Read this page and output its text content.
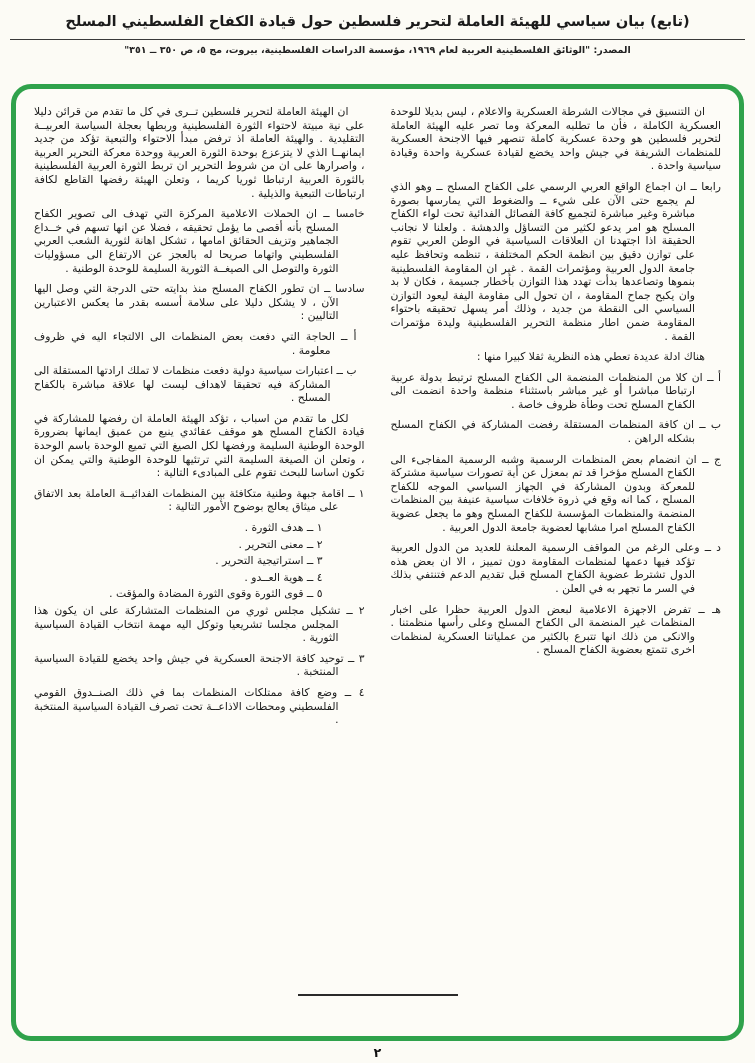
(تابع) بيان سياسي للهيئة العاملة لتحرير فلسطين حول قيادة الكفاح الفلسطيني المسلح
المصدر: "الوثائق الفلسطينية العربية لعام ١٩٦٩، مؤسسة الدراسات الفلسطينية، بيروت، مج ٥، ص ٣٥٠ ــ ٣٥١"

ان التنسيق في مجالات الشرطة العسكرية والاعلام ، ليس بديلا للوحدة العسكرية الكاملة ، فأن ما تطلبه المعركة وما تصر عليه الهيئة العاملة لتحرير فلسطين هو وحدة عسكرية كاملة تنصهر فيها الاجنحة العسكرية للمنظمات الشريفة في جيش واحد يخضع لقيادة عسكرية واحدة وقيادة سياسية واحدة .

رابعا ــ ان اجماع الواقع العربي الرسمي على الكفاح المسلح ــ وهو الذي لم يجمع حتى الآن على شيء ــ والضغوط التي يمارسها بصورة مباشرة وغير مباشرة لتجميع كافة الفصائل الفدائية تحت لواء الكفاح المسلح هو امر يدعو لكثير من التساؤل والدهشة . ولعلنا لا نجانب الحقيقة اذا اجتهدنا ان العلاقات السياسية في الوطن العربي تقوم على توازن دقيق بين انظمة الحكم المختلفة ، تنظمه وتحافظ عليه جامعة الدول العربية ومؤتمرات القمة . غير ان المقاومة الفلسطينية بنموها وتصاعدها بدأت تهدد هذا التوازن بأخطار جسيمة ، فكان لا بد وان يكبح جماح المقاومة ، ان تحول الى مقاومة اليفة ليعود التوازن السياسي الى النقطة من جديد ، وذلك أمر يسهل تحقيقه باحتواء المقاومة ضمن اطار منظمة التحرير الفلسطينية وليدة مؤتمرات القمة .

هناك ادلة عديدة تعطي هذه النظرية ثقلا كبيرا منها :

أ ــ ان كلا من المنظمات المنضمة الى الكفاح المسلح ترتبط بدولة عربية ارتباطا مباشرا أو غير مباشر باستثناء منظمة واحدة انضمت الى الكفاح المسلح تحت وطأة ظروف خاصة .

ب ــ ان كافة المنظمات المستقلة رفضت المشاركة في الكفاح المسلح بشكله الراهن .

ج ــ ان انضمام بعض المنظمات الرسمية وشبه الرسمية المفاجىء الى الكفاح المسلح مؤخرا قد تم بمعزل عن أية تصورات سياسية مشتركة للمعركة وبدون المشاركة في الجهاز السياسي الموجه للكفاح المسلح ، كما انه وقع في ذروة خلافات سياسية عنيفة بين المنظمات المنضمة والمنظمات المؤسسة للكفاح المسلح وهو ما يجعل عضوية الكفاح المسلح امرا مشابها لعضوية جامعة الدول العربية .

د ــ وعلى الرغم من المواقف الرسمية المعلنة للعديد من الدول العربية تؤكد فيها دعمها لمنظمات المقاومة دون تمييز ، الا ان بعض هذه الدول تشترط عضوية الكفاح المسلح قبل تقديم الدعم فتنتفي بذلك في السر ما تجهر به في العلن .

هـ ــ تفرض الاجهزة الاعلامية لبعض الدول العربية حظرا على اخبار المنظمات غير المنضمة الى الكفاح المسلح وعلى رأسها منظمتنا . والانكى من ذلك انها تتبرع بالكثير من عملياتنا العسكرية لمنظمات اخرى تتمتع بعضوية الكفاح المسلح .

ان الهيئة العاملة لتحرير فلسطين تــرى في كل ما تقدم من قرائن دليلا على نية مبيتة لاحتواء الثورة الفلسطينية وربطها بعجلة السياسة العربيــة التقليدية . والهيئة العاملة اذ ترفض مبدأ الاحتواء والتبعية تؤكد من جديد ايمانهــا الذي لا يتزعزع بوحدة الثورة العربية ووحدة معركة التحرير العربية ، واصرارها على ان من شروط التحرير ان تربط الثورة العربية الفلسطينية بالثورة العربية ارتباطا ثوريا كريما ، وتعلن الهيئة رفضها القاطع لكافة ارتباطات التبعية والذيلية .

خامسا ــ ان الحملات الاعلامية المركزة التي تهدف الى تصوير الكفاح المسلح بأنه أقصى ما يؤمل تحقيقه ، فضلا عن انها تسهم في خــداع الجماهير وتزيف الحقائق امامها ، تشكل اهانة لثورية الشعب العربي الفلسطيني واتهاما صريحا له بالعجز عن الارتفاع الى مسؤوليات الثورة والتوصل الى الصيغــة الثورية السليمة للوحدة الوطنية .

سادسا ــ ان تطور الكفاح المسلح منذ بدايته حتى الدرجة التي وصل اليها الآن ، لا يشكل دليلا على سلامة أسسه بقدر ما يعكس الاعتبارين التاليين :

أ ــ الحاجة التي دفعت بعض المنظمات الى الالتجاء اليه في ظروف معلومة .

ب ــ اعتبارات سياسية دولية دفعت منظمات لا تملك ارادتها المستقلة الى المشاركة فيه تحقيقا لاهداف ليست لها علاقة مباشرة بالكفاح المسلح .

لكل ما تقدم من اسباب ، تؤكد الهيئة العاملة ان رفضها للمشاركة في قيادة الكفاح المسلح هو موقف عقائدي ينبع من عميق ايمانها بضرورة الوحدة الوطنية السليمة ورفضها لكل الصيغ التي تميع الوحدة باسم الوحدة ، وتعلن ان الصيغة السليمة التي ترتئيها للوحدة الوطنية والتي يمكن ان تكون اساسا للبحث تقوم على المبادىء التالية :

١ ــ اقامة جبهة وطنية متكافئة بين المنظمات الفدائيــة العاملة بعد الاتفاق على ميثاق يعالج بوضوح الأمور التالية :

١ ــ هدف الثورة .

٢ ــ معنى التحرير .

٣ ــ استراتيجية التحرير .

٤ ــ هوية العــدو .

٥ ــ قوى الثورة وقوى الثورة المضادة والمؤقت .

٢ ــ تشكيل مجلس ثوري من المنظمات المتشاركة على ان يكون هذا المجلس مجلسا تشريعيا وتوكل اليه مهمة انتخاب القيادة السياسية الثورية .

٣ ــ توحيد كافة الاجنحة العسكرية في جيش واحد يخضع للقيادة السياسية المنتخبة .

٤ ــ وضع كافة ممتلكات المنظمات بما في ذلك الصنــدوق القومي الفلسطيني ومحطات الاذاعــة تحت تصرف القيادة السياسية المنتخبة .

٢
